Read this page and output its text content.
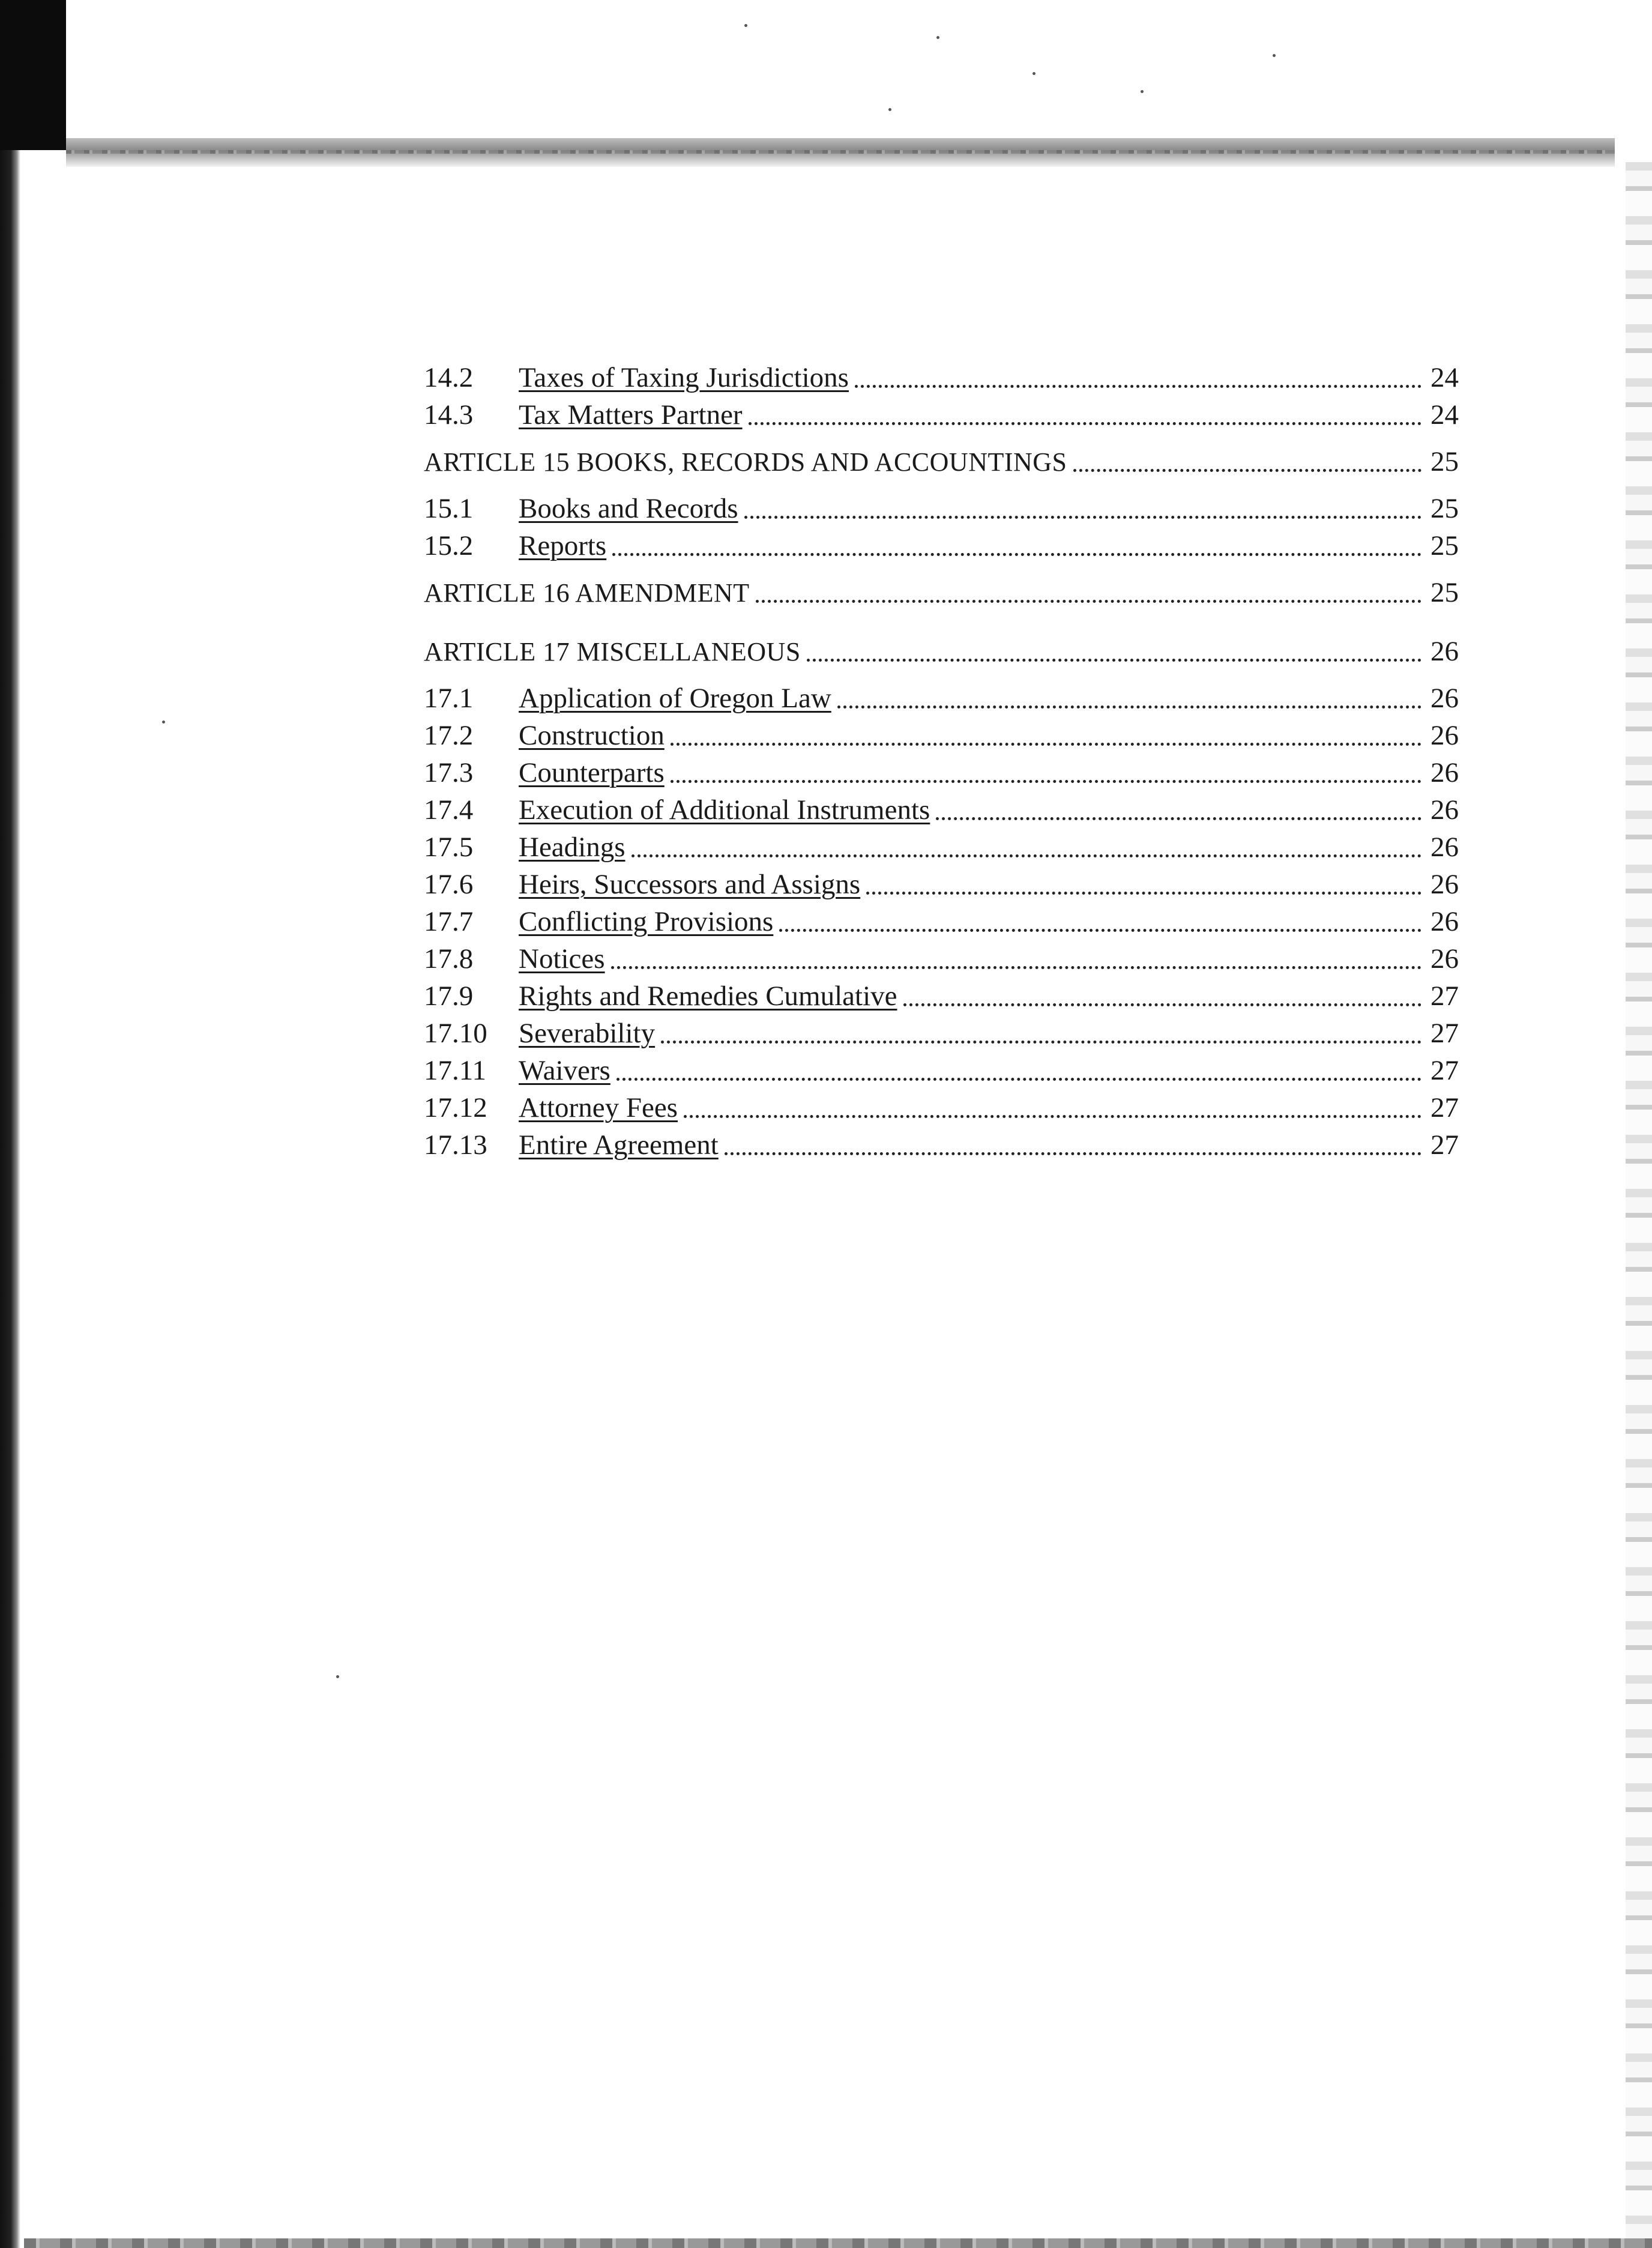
14.2	Taxes of Taxing Jurisdictions	24
14.3	Tax Matters Partner	24
ARTICLE 15 BOOKS, RECORDS AND ACCOUNTINGS	25
15.1	Books and Records	25
15.2	Reports	25
ARTICLE 16 AMENDMENT	25
ARTICLE 17 MISCELLANEOUS	26
17.1	Application of Oregon Law	26
17.2	Construction	26
17.3	Counterparts	26
17.4	Execution of Additional Instruments	26
17.5	Headings	26
17.6	Heirs, Successors and Assigns	26
17.7	Conflicting Provisions	26
17.8	Notices	26
17.9	Rights and Remedies Cumulative	27
17.10	Severability	27
17.11	Waivers	27
17.12	Attorney Fees	27
17.13	Entire Agreement	27
